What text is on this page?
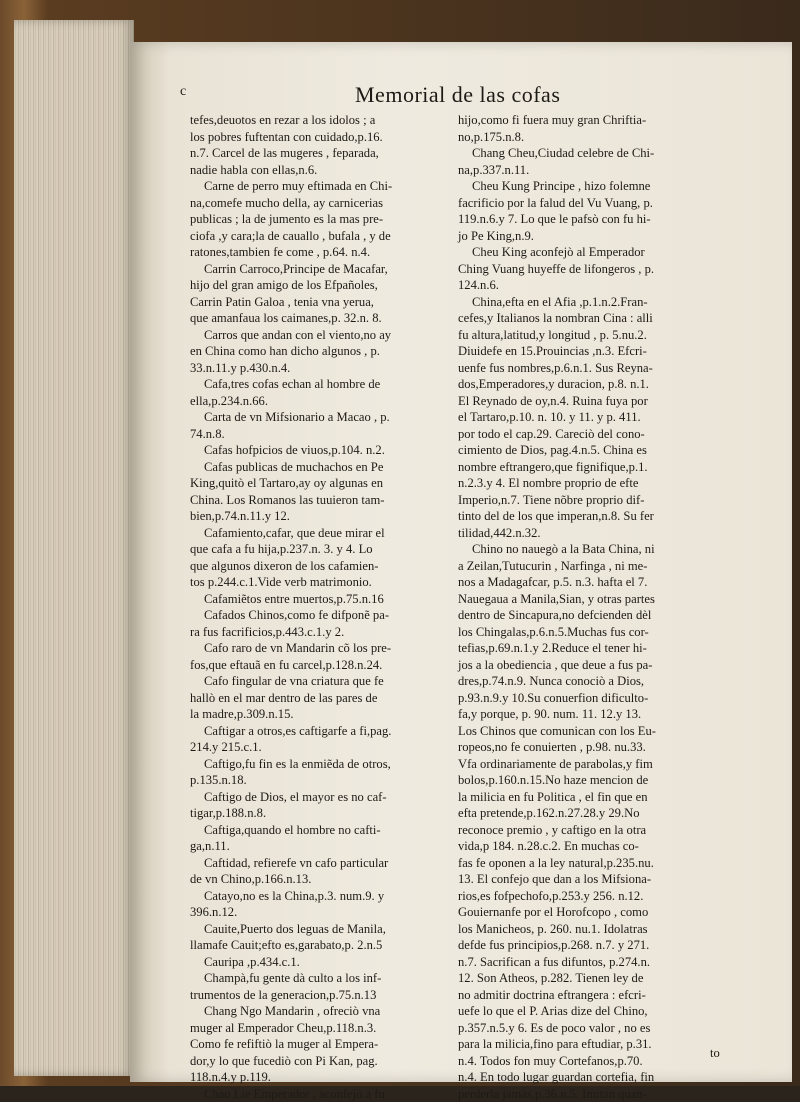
c	Memorial de las cofas
tefes,deuotos en rezar a los idolos ; a
los pobres fuftentan con cuidado,p.16.
n.7. Carcel de las mugeres , feparada,
nadie habla con ellas,n.6.
Carne de perro muy eftimada en Chi-
na,comefe mucho della, ay carnicerias
publicas ; la de jumento es la mas pre-
ciofa ,y cara;la de cauallo , bufala , y de
ratones,tambien fe come , p.64. n.4.
Carrin Carroco,Principe de Macafar,
hijo del gran amigo de los Efpañoles,
Carrin Patin Galoa , tenia vna yerua,
que amanfaua los caimanes,p. 32.n. 8.
Carros que andan con el viento,no ay
en China como han dicho algunos , p.
33.n.11.y p.430.n.4.
Cafa,tres cofas echan al hombre de
ella,p.234.n.66.
Carta de vn Mifsionario a Macao , p.
74.n.8.
Cafas hofpicios de viuos,p.104. n.2.
Cafas publicas de muchachos en Pe
King,quitò el Tartaro,ay oy algunas en
China. Los Romanos las tuuieron tam-
bien,p.74.n.11.y 12.
Cafamiento,cafar, que deue mirar el
que cafa a fu hija,p.237.n. 3. y 4. Lo
que algunos dixeron de los cafamien-
tos p.244.c.1.Vide verb matrimonio.
Cafamiẽtos entre muertos,p.75.n.16
Cafados Chinos,como fe difponẽ pa-
ra fus facrificios,p.443.c.1.y 2.
Cafo raro de vn Mandarin cõ los pre-
fos,que eftauã en fu carcel,p.128.n.24.
Cafo fingular de vna criatura que fe
hallò en el mar dentro de las pares de
la madre,p.309.n.15.
Caftigar a otros,es caftigarfe a fi,pag.
214.y 215.c.1.
Caftigo,fu fin es la enmiẽda de otros,
p.135.n.18.
Caftigo de Dios, el mayor es no caf-
tigar,p.188.n.8.
Caftiga,quando el hombre no cafti-
ga,n.11.
Caftidad, refierefe vn cafo particular
de vn Chino,p.166.n.13.
Catayo,no es la China,p.3. num.9. y
396.n.12.
Cauite,Puerto dos leguas de Manila,
llamafe Cauit;efto es,garabato,p. 2.n.5
Cauripa ,p.434.c.1.
Champà,fu gente dà culto a los inf-
trumentos de la generacion,p.75.n.13
Chang Ngo Mandarin , ofreciò vna
muger al Emperador Cheu,p.118.n.3.
Como fe refiftiò la muger al Empera-
dor,y lo que fucediò con Pi Kan, pag.
118.n.4.y p.119.
Chao Lie Emperador , aconfejò a fu
hijo,como fi fuera muy gran Chriftia-
no,p.175.n.8.
Chang Cheu,Ciudad celebre de Chi-
na,p.337.n.11.
Cheu Kung Principe , hizo folemne
facrificio por la falud del Vu Vuang, p.
119.n.6.y 7. Lo que le pafsò con fu hi-
jo Pe King,n.9.
Cheu King aconfejò al Emperador
Ching Vuang huyeffe de lifongeros , p.
124.n.6.
China,efta en el Afia ,p.1.n.2.Fran-
cefes,y Italianos la nombran Cina : alli
fu altura,latitud,y longitud , p. 5.nu.2.
Diuidefe en 15.Prouincias ,n.3. Efcri-
uenfe fus nombres,p.6.n.1. Sus Reyna-
dos,Emperadores,y duracion, p.8. n.1.
El Reynado de oy,n.4. Ruina fuya por
el Tartaro,p.10. n. 10. y 11. y p. 411.
por todo el cap.29. Careciò del cono-
cimiento de Dios, pag.4.n.5. China es
nombre eftrangero,que fignifique,p.1.
n.2.3.y 4. El nombre proprio de efte
Imperio,n.7. Tiene nõbre proprio dif-
tinto del de los que imperan,n.8. Su fer
tilidad,442.n.32.
Chino no nauegò a la Bata China, ni
a Zeilan,Tutucurin , Narfinga , ni me-
nos a Madagafcar, p.5. n.3. hafta el 7.
Nauegaua a Manila,Sian, y otras partes
dentro de Sincapura,no defcienden dèl
los Chingalas,p.6.n.5.Muchas fus cor-
tefias,p.69.n.1.y 2.Reduce el tener hi-
jos a la obediencia , que deue a fus pa-
dres,p.74.n.9. Nunca conociò a Dios,
p.93.n.9.y 10.Su conuerfion dificulto-
fa,y porque, p. 90. num. 11. 12.y 13.
Los Chinos que comunican con los Eu-
ropeos,no fe conuierten , p.98. nu.33.
Vfa ordinariamente de parabolas,y fim
bolos,p.160.n.15.No haze mencion de
la milicia en fu Politica , el fin que en
efta pretende,p.162.n.27.28.y 29.No
reconoce premio , y caftigo en la otra
vida,p 184. n.28.c.2. En muchas co-
fas fe oponen a la ley natural,p.235.nu.
13. El confejo que dan a los Mifsiona-
rios,es fofpechofo,p.253.y 256. n.12.
Gouiernanfe por el Horofcopo , como
los Manicheos, p. 260. nu.1. Idolatras
defde fus principios,p.268. n.7. y 271.
n.7. Sacrifican a fus difuntos, p.274.n.
12. Son Atheos, p.282. Tienen ley de
no admitir doctrina eftrangera : efcri-
uefe lo que el P. Arias dize del Chino,
p.357.n.5.y 6. Es de poco valor , no es
para la milicia,fino para eftudiar, p.31.
n.4. Todos fon muy Cortefanos,p.70.
n.4. En todo lugar guardan cortefia, fin
perderla jamàs,p.36.n.5. Imitan quan-
to
